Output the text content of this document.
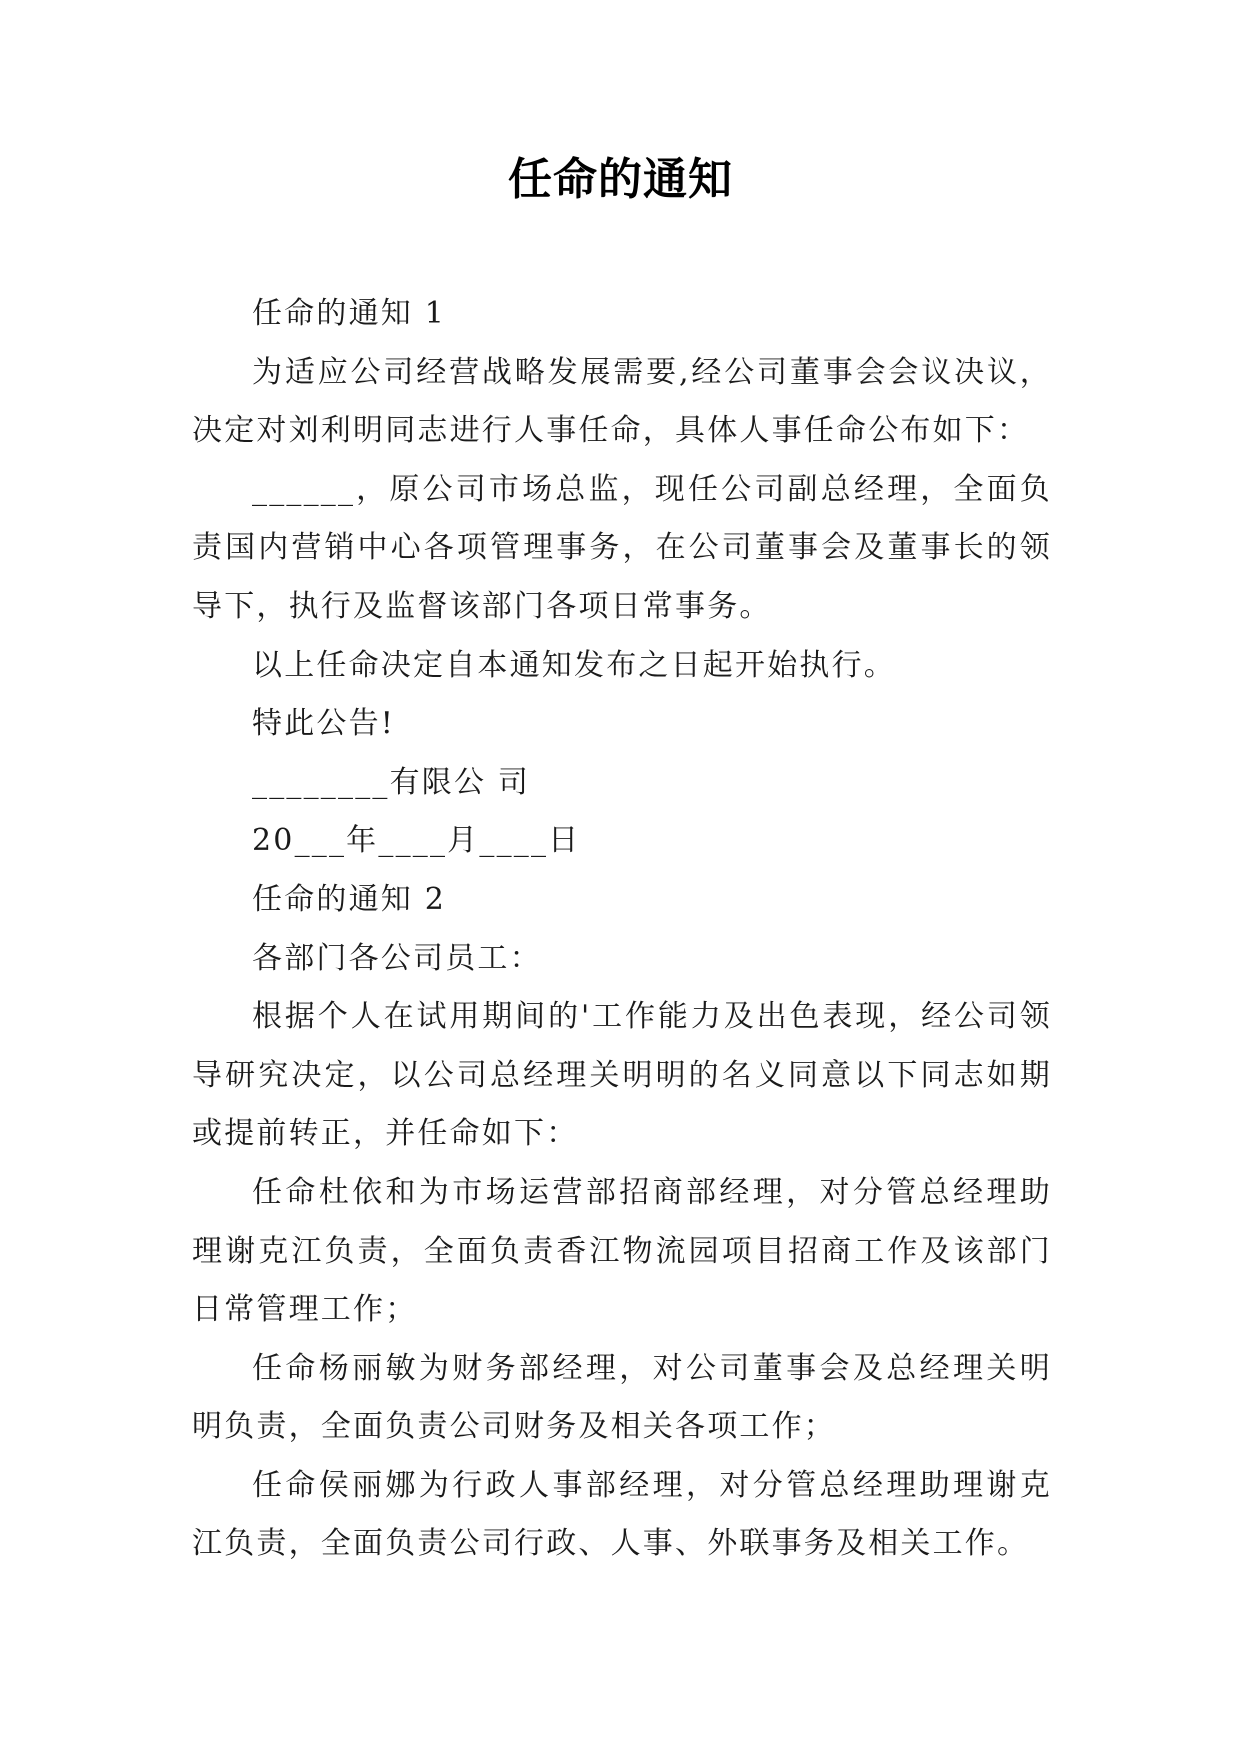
任命的通知

任命的通知 1

为适应公司经营战略发展需要,经公司董事会会议决议，决定对刘利明同志进行人事任命，具体人事任命公布如下：

______，原公司市场总监，现任公司副总经理，全面负责国内营销中心各项管理事务，在公司董事会及董事长的领导下，执行及监督该部门各项日常事务。

以上任命决定自本通知发布之日起开始执行。

特此公告!

________有限公 司

20___年____月____日

任命的通知 2

各部门各公司员工：

根据个人在试用期间的'工作能力及出色表现，经公司领导研究决定，以公司总经理关明明的名义同意以下同志如期或提前转正，并任命如下：

任命杜依和为市场运营部招商部经理，对分管总经理助理谢克江负责，全面负责香江物流园项目招商工作及该部门日常管理工作；

任命杨丽敏为财务部经理，对公司董事会及总经理关明明负责，全面负责公司财务及相关各项工作；

任命侯丽娜为行政人事部经理，对分管总经理助理谢克江负责，全面负责公司行政、人事、外联事务及相关工作。
